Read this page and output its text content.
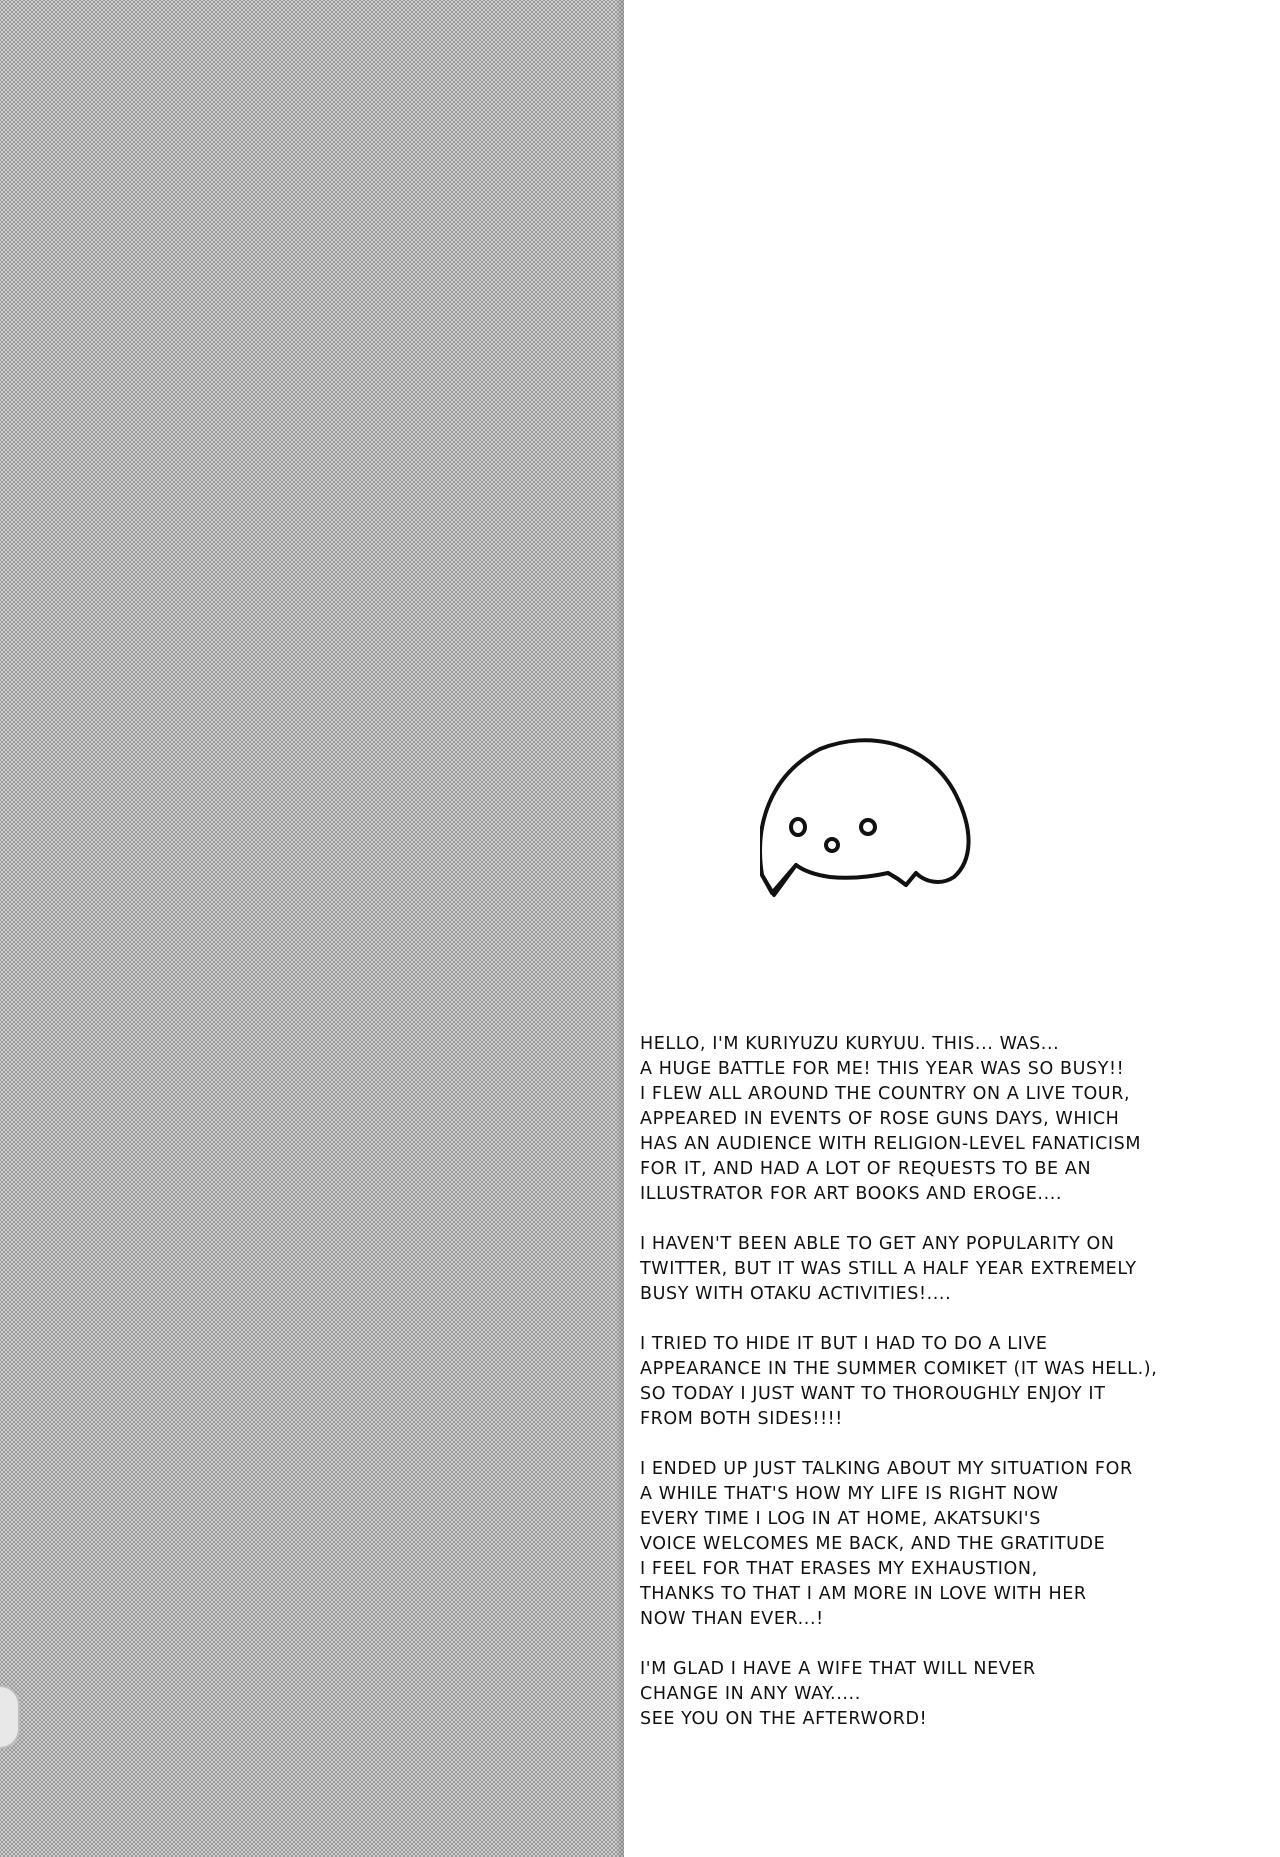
HELLO, I'M KURIYUZU KURYUU. THIS... WAS...
A HUGE BATTLE FOR ME! THIS YEAR WAS SO BUSY!!
I FLEW ALL AROUND THE COUNTRY ON A LIVE TOUR,
APPEARED IN EVENTS OF ROSE GUNS DAYS, WHICH
HAS AN AUDIENCE WITH RELIGION-LEVEL FANATICISM
FOR IT, AND HAD A LOT OF REQUESTS TO BE AN
ILLUSTRATOR FOR ART BOOKS AND EROGE....
I HAVEN'T BEEN ABLE TO GET ANY POPULARITY ON
TWITTER, BUT IT WAS STILL A HALF YEAR EXTREMELY
BUSY WITH OTAKU ACTIVITIES!....
I TRIED TO HIDE IT BUT I HAD TO DO A LIVE
APPEARANCE IN THE SUMMER COMIKET (IT WAS HELL.),
SO TODAY I JUST WANT TO THOROUGHLY ENJOY IT
FROM BOTH SIDES!!!!
I ENDED UP JUST TALKING ABOUT MY SITUATION FOR
A WHILE THAT'S HOW MY LIFE IS RIGHT NOW
EVERY TIME I LOG IN AT HOME, AKATSUKI'S
VOICE WELCOMES ME BACK, AND THE GRATITUDE
I FEEL FOR THAT ERASES MY EXHAUSTION,
THANKS TO THAT I AM MORE IN LOVE WITH HER
NOW THAN EVER...!
I'M GLAD I HAVE A WIFE THAT WILL NEVER
CHANGE IN ANY WAY.....
SEE YOU ON THE AFTERWORD!
